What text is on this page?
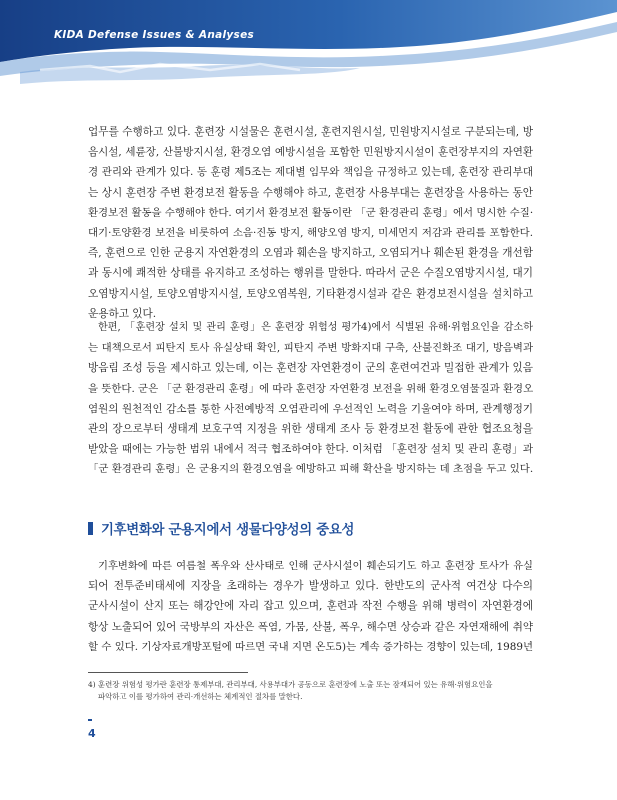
KIDA Defense Issues & Analyses
업무를 수행하고 있다. 훈련장 시설물은 훈련시설, 훈련지원시설, 민원방지시설로 구분되는데, 방
음시설, 세륜장, 산불방지시설, 환경오염 예방시설을 포함한 민원방지시설이 훈련장부지의 자연환
경 관리와 관계가 있다. 동 훈령 제5조는 제대별 임무와 책임을 규정하고 있는데, 훈련장 관리부대
는 상시 훈련장 주변 환경보전 활동을 수행해야 하고, 훈련장 사용부대는 훈련장을 사용하는 동안
환경보전 활동을 수행해야 한다. 여기서 환경보전 활동이란 「군 환경관리 훈령」에서 명시한 수질·
대기·토양환경 보전을 비롯하여 소음·진동 방지, 해양오염 방지, 미세먼지 저감과 관리를 포함한다.
즉, 훈련으로 인한 군용지 자연환경의 오염과 훼손을 방지하고, 오염되거나 훼손된 환경을 개선함
과 동시에 쾌적한 상태를 유지하고 조성하는 행위를 말한다. 따라서 군은 수질오염방지시설, 대기
오염방지시설, 토양오염방지시설, 토양오염복원, 기타환경시설과 같은 환경보전시설을 설치하고
운용하고 있다.
한편, 「훈련장 설치 및 관리 훈령」은 훈련장 위험성 평가4)에서 식별된 유해·위험요인을 감소하
는 대책으로서 피탄지 토사 유실상태 확인, 피탄지 주변 방화지대 구축, 산불진화조 대기, 방음벽과
방음림 조성 등을 제시하고 있는데, 이는 훈련장 자연환경이 군의 훈련여건과 밀접한 관계가 있음
을 뜻한다. 군은 「군 환경관리 훈령」에 따라 훈련장 자연환경 보전을 위해 환경오염물질과 환경오
염원의 원천적인 감소를 통한 사전예방적 오염관리에 우선적인 노력을 기울여야 하며, 관계행정기
관의 장으로부터 생태계 보호구역 지정을 위한 생태계 조사 등 환경보전 활동에 관한 협조요청을
받았을 때에는 가능한 범위 내에서 적극 협조하여야 한다. 이처럼 「훈련장 설치 및 관리 훈령」과
「군 환경관리 훈령」은 군용지의 환경오염을 예방하고 피해 확산을 방지하는 데 초점을 두고 있다.
기후변화와 군용지에서 생물다양성의 중요성
기후변화에 따른 여름철 폭우와 산사태로 인해 군사시설이 훼손되기도 하고 훈련장 토사가 유실
되어 전투준비태세에 지장을 초래하는 경우가 발생하고 있다. 한반도의 군사적 여건상 다수의
군사시설이 산지 또는 해강안에 자리 잡고 있으며, 훈련과 작전 수행을 위해 병력이 자연환경에
항상 노출되어 있어 국방부의 자산은 폭염, 가뭄, 산불, 폭우, 해수면 상승과 같은 자연재해에 취약
할 수 있다. 기상자료개방포털에 따르면 국내 지면 온도5)는 계속 증가하는 경향이 있는데, 1989년
4) 훈련장 위험성 평가란 훈련장 통제부대, 관리부대, 사용부대가 공동으로 훈련장에 노출 또는 잠재되어 있는 유해·위험요인을
파악하고 이를 평가하여 관리·개선하는 체계적인 절차를 말한다.
4
